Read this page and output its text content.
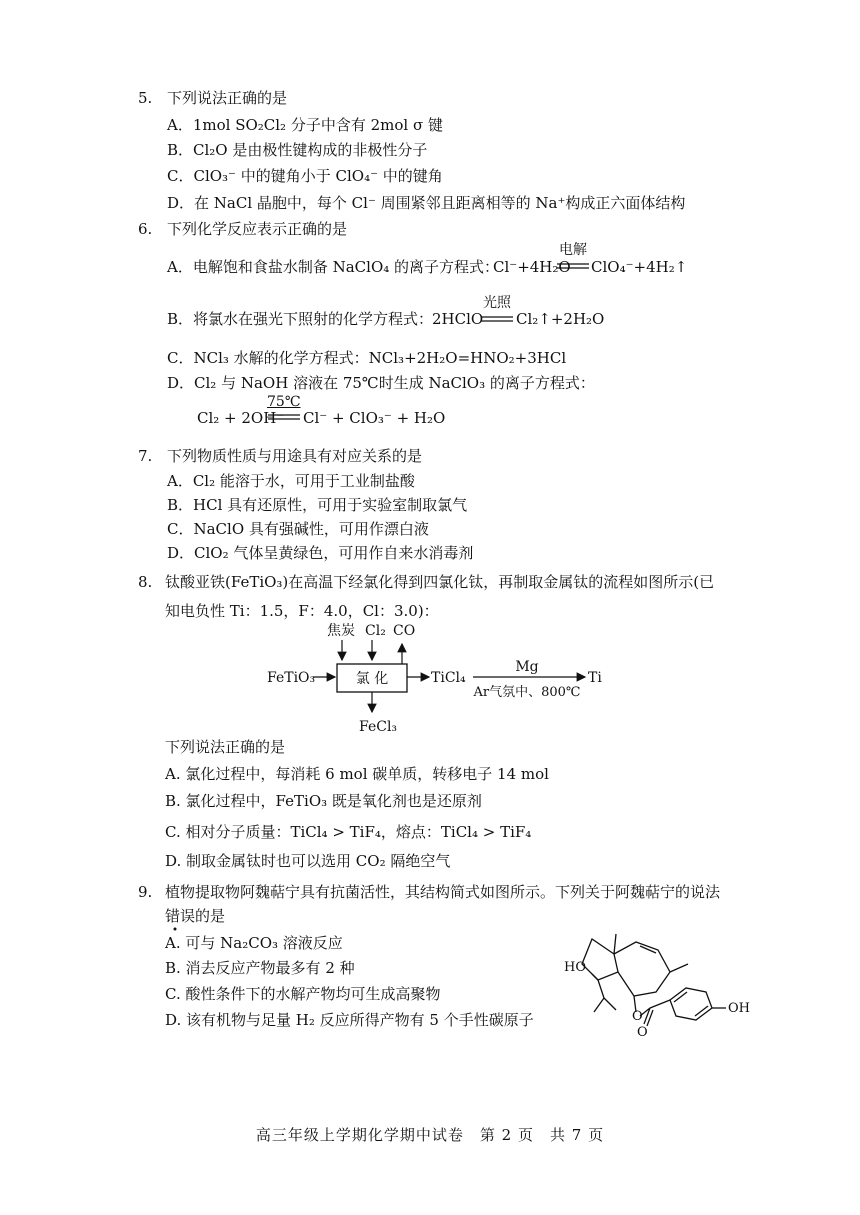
5. 下列说法正确的是
A．1mol SO₂Cl₂ 分子中含有 2mol σ 键
B．Cl₂O 是由极性键构成的非极性分子
C．ClO₃⁻ 中的键角小于 ClO₄⁻ 中的键角
D．在 NaCl 晶胞中，每个 Cl⁻ 周围紧邻且距离相等的 Na⁺构成正六面体结构
6. 下列化学反应表示正确的是
A．电解饱和食盐水制备 NaClO₄ 的离子方程式：
Cl⁻+4H₂O
电解
ClO₄⁻+4H₂↑
B．将氯水在强光下照射的化学方程式：
2HClO
光照
Cl₂↑+2H₂O
C．NCl₃ 水解的化学方程式：NCl₃+2H₂O=HNO₂+3HCl
D．Cl₂ 与 NaOH 溶液在 75℃时生成 NaClO₃ 的离子方程式：
Cl₂ + 2OH⁻
75℃
Cl⁻ + ClO₃⁻ + H₂O
7. 下列物质性质与用途具有对应关系的是
A．Cl₂ 能溶于水，可用于工业制盐酸
B．HCl 具有还原性，可用于实验室制取氯气
C．NaClO 具有强碱性，可用作漂白液
D．ClO₂ 气体呈黄绿色，可用作自来水消毒剂
8. 钛酸亚铁(FeTiO₃)在高温下经氯化得到四氯化钛，再制取金属钛的流程如图所示(已
知电负性 Ti：1.5，F：4.0，Cl：3.0)：
焦炭 Cl₂ CO
FeTiO₃	氯 化	TiCl₄
Mg
Ar气氛中、800℃
Ti
FeCl₃
下列说法正确的是
A. 氯化过程中，每消耗 6 mol 碳单质，转移电子 14 mol
B. 氯化过程中，FeTiO₃ 既是氧化剂也是还原剂
C. 相对分子质量：TiCl₄ > TiF₄，熔点：TiCl₄ > TiF₄
D. 制取金属钛时也可以选用 CO₂ 隔绝空气
9. 植物提取物阿魏萜宁具有抗菌活性，其结构简式如图所示。下列关于阿魏萜宁的说法
错误的是
A. 可与 Na₂CO₃ 溶液反应
B. 消去反应产物最多有 2 种
C. 酸性条件下的水解产物均可生成高聚物
D. 该有机物与足量 H₂ 反应所得产物有 5 个手性碳原子
HO
O
O
OH
高三年级上学期化学期中试卷　第 2 页　共 7 页
